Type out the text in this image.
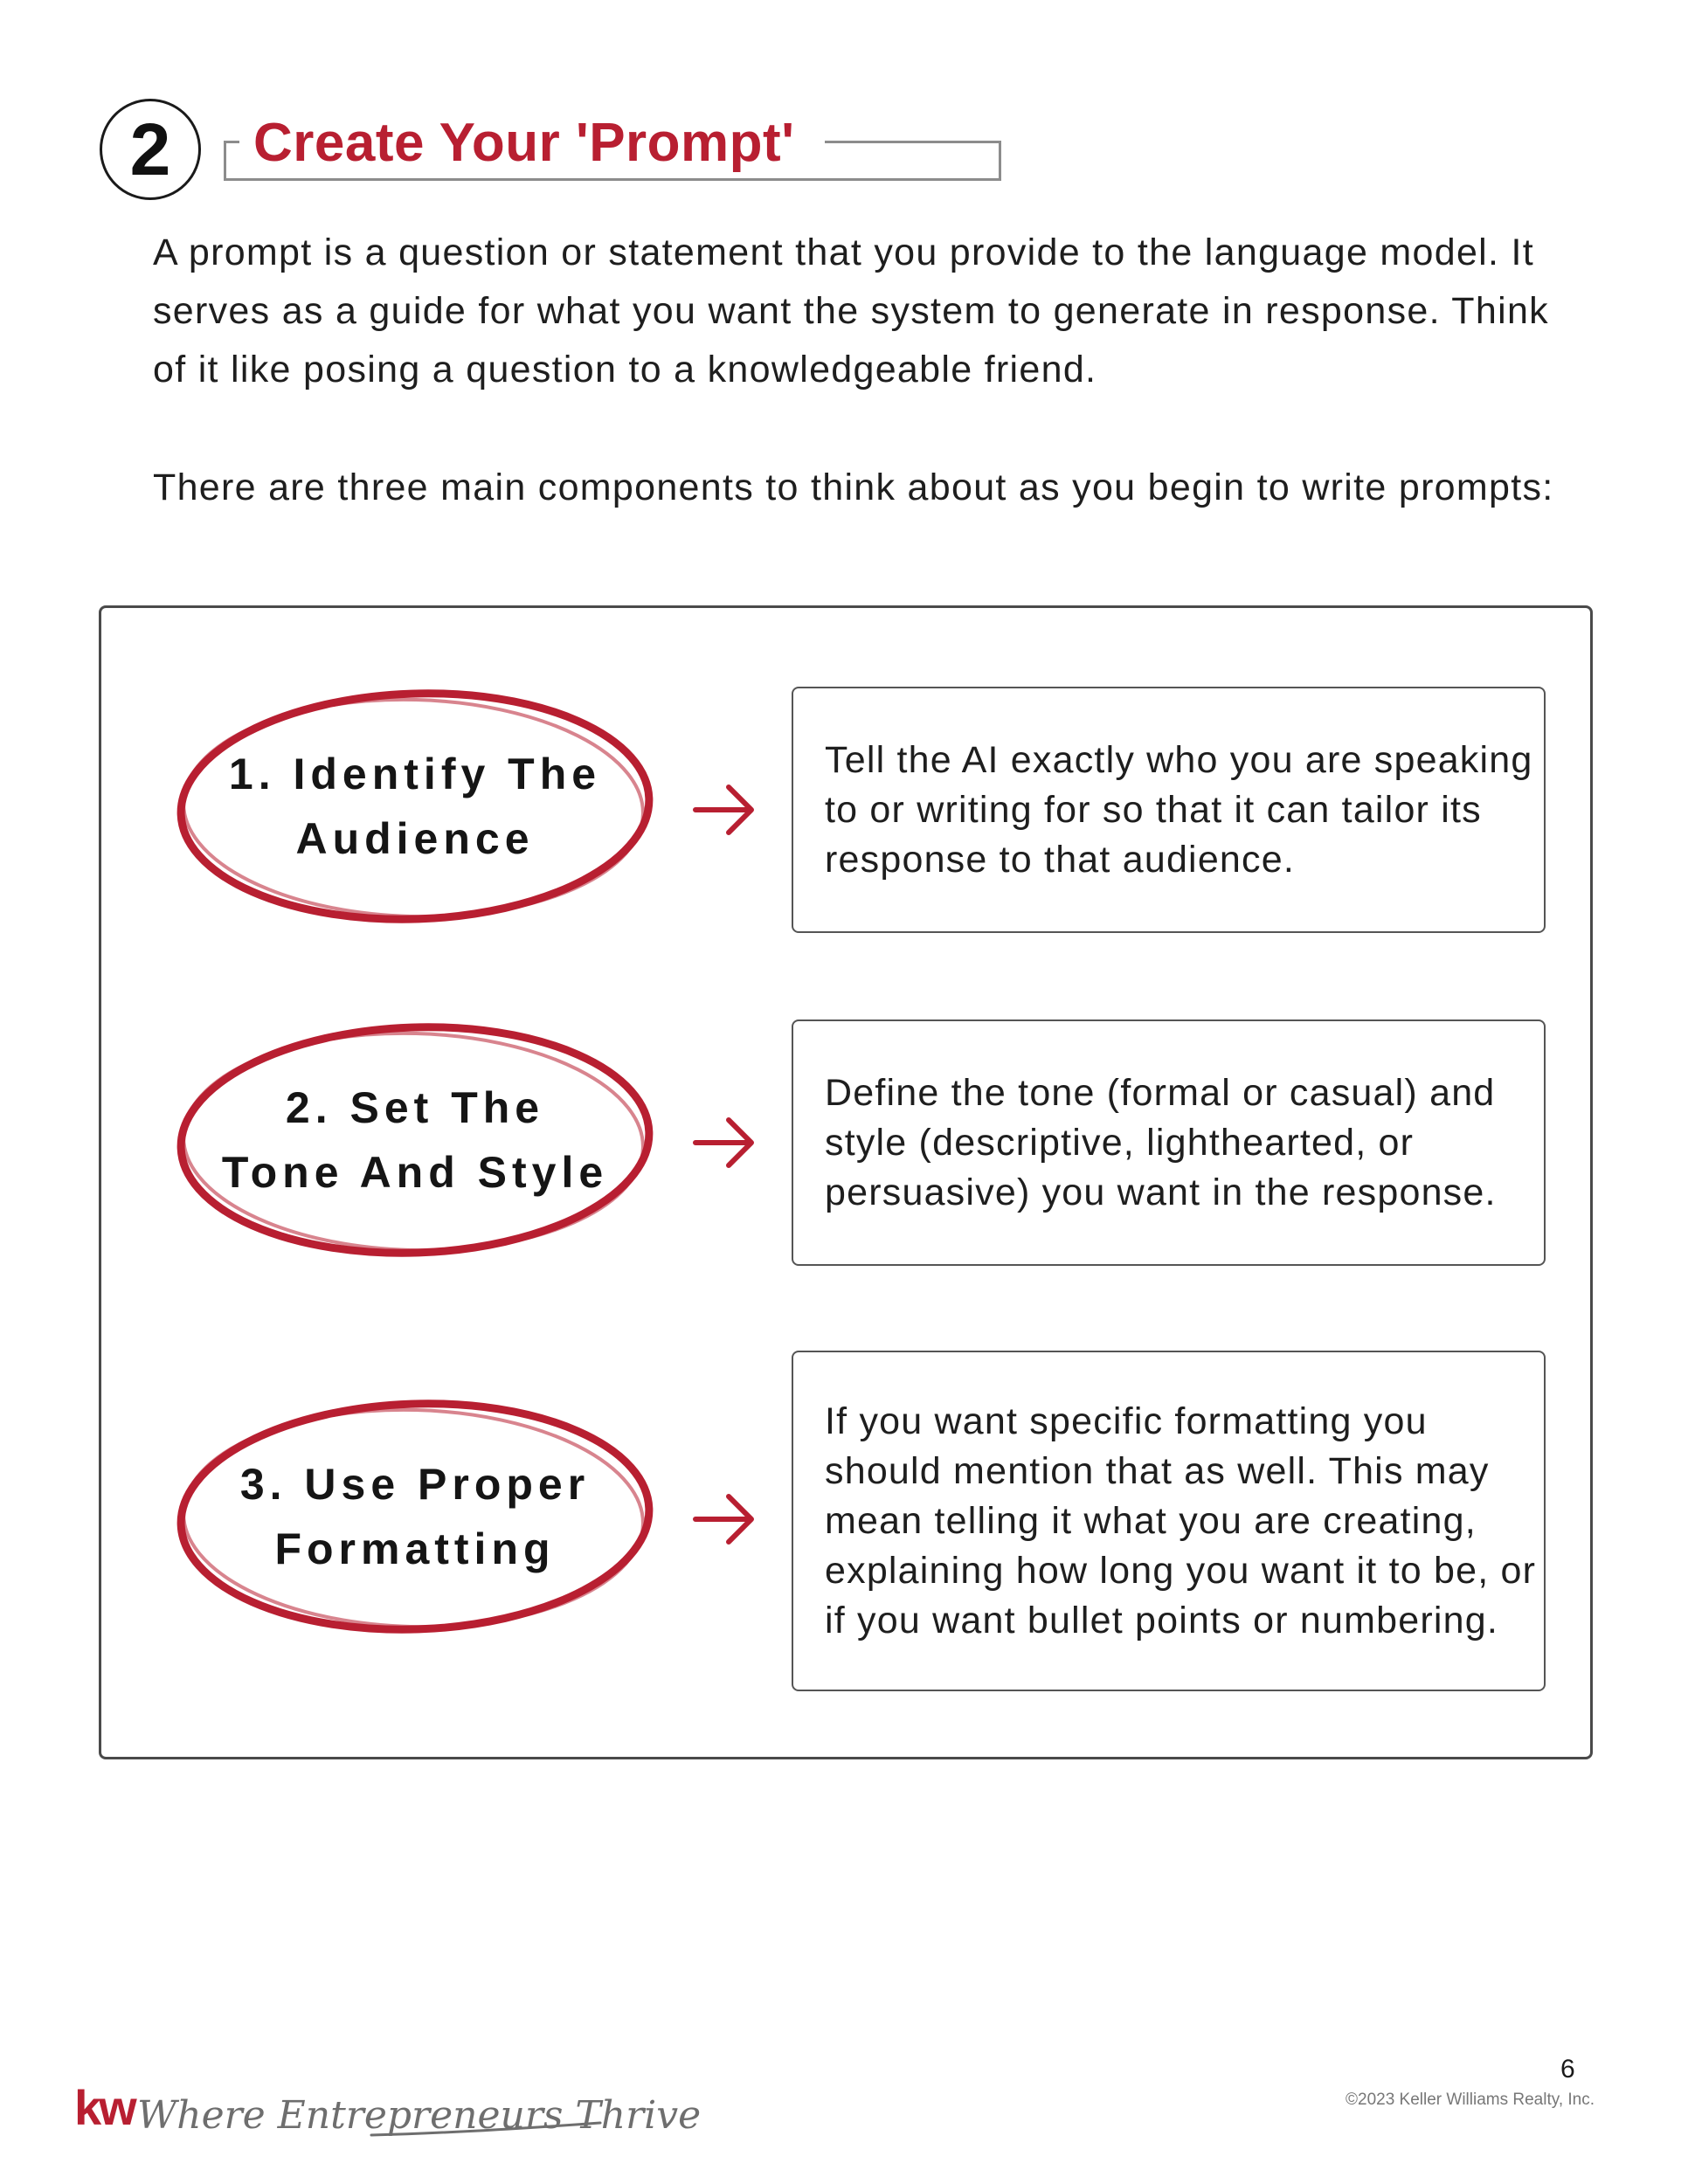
2	Create Your 'Prompt'
A prompt is a question or statement that you provide to the language model. It serves as a guide for what you want the system to generate in response. Think of it like posing a question to a knowledgeable friend.
There are three main components to think about as you begin to write prompts:
1. Identify The
Audience
Tell the AI exactly who you are speaking to or writing for so that it can tailor its response to that audience.
2. Set The
Tone And Style
Define the tone (formal or casual) and style (descriptive, lighthearted, or persuasive) you want in the response.
3. Use Proper
Formatting
If you want specific formatting you should mention that as well. This may mean telling it what you are creating, explaining how long you want it to be, or if you want bullet points or numbering.
kw Where Entrepreneurs Thrive
6
©2023 Keller Williams Realty, Inc.
